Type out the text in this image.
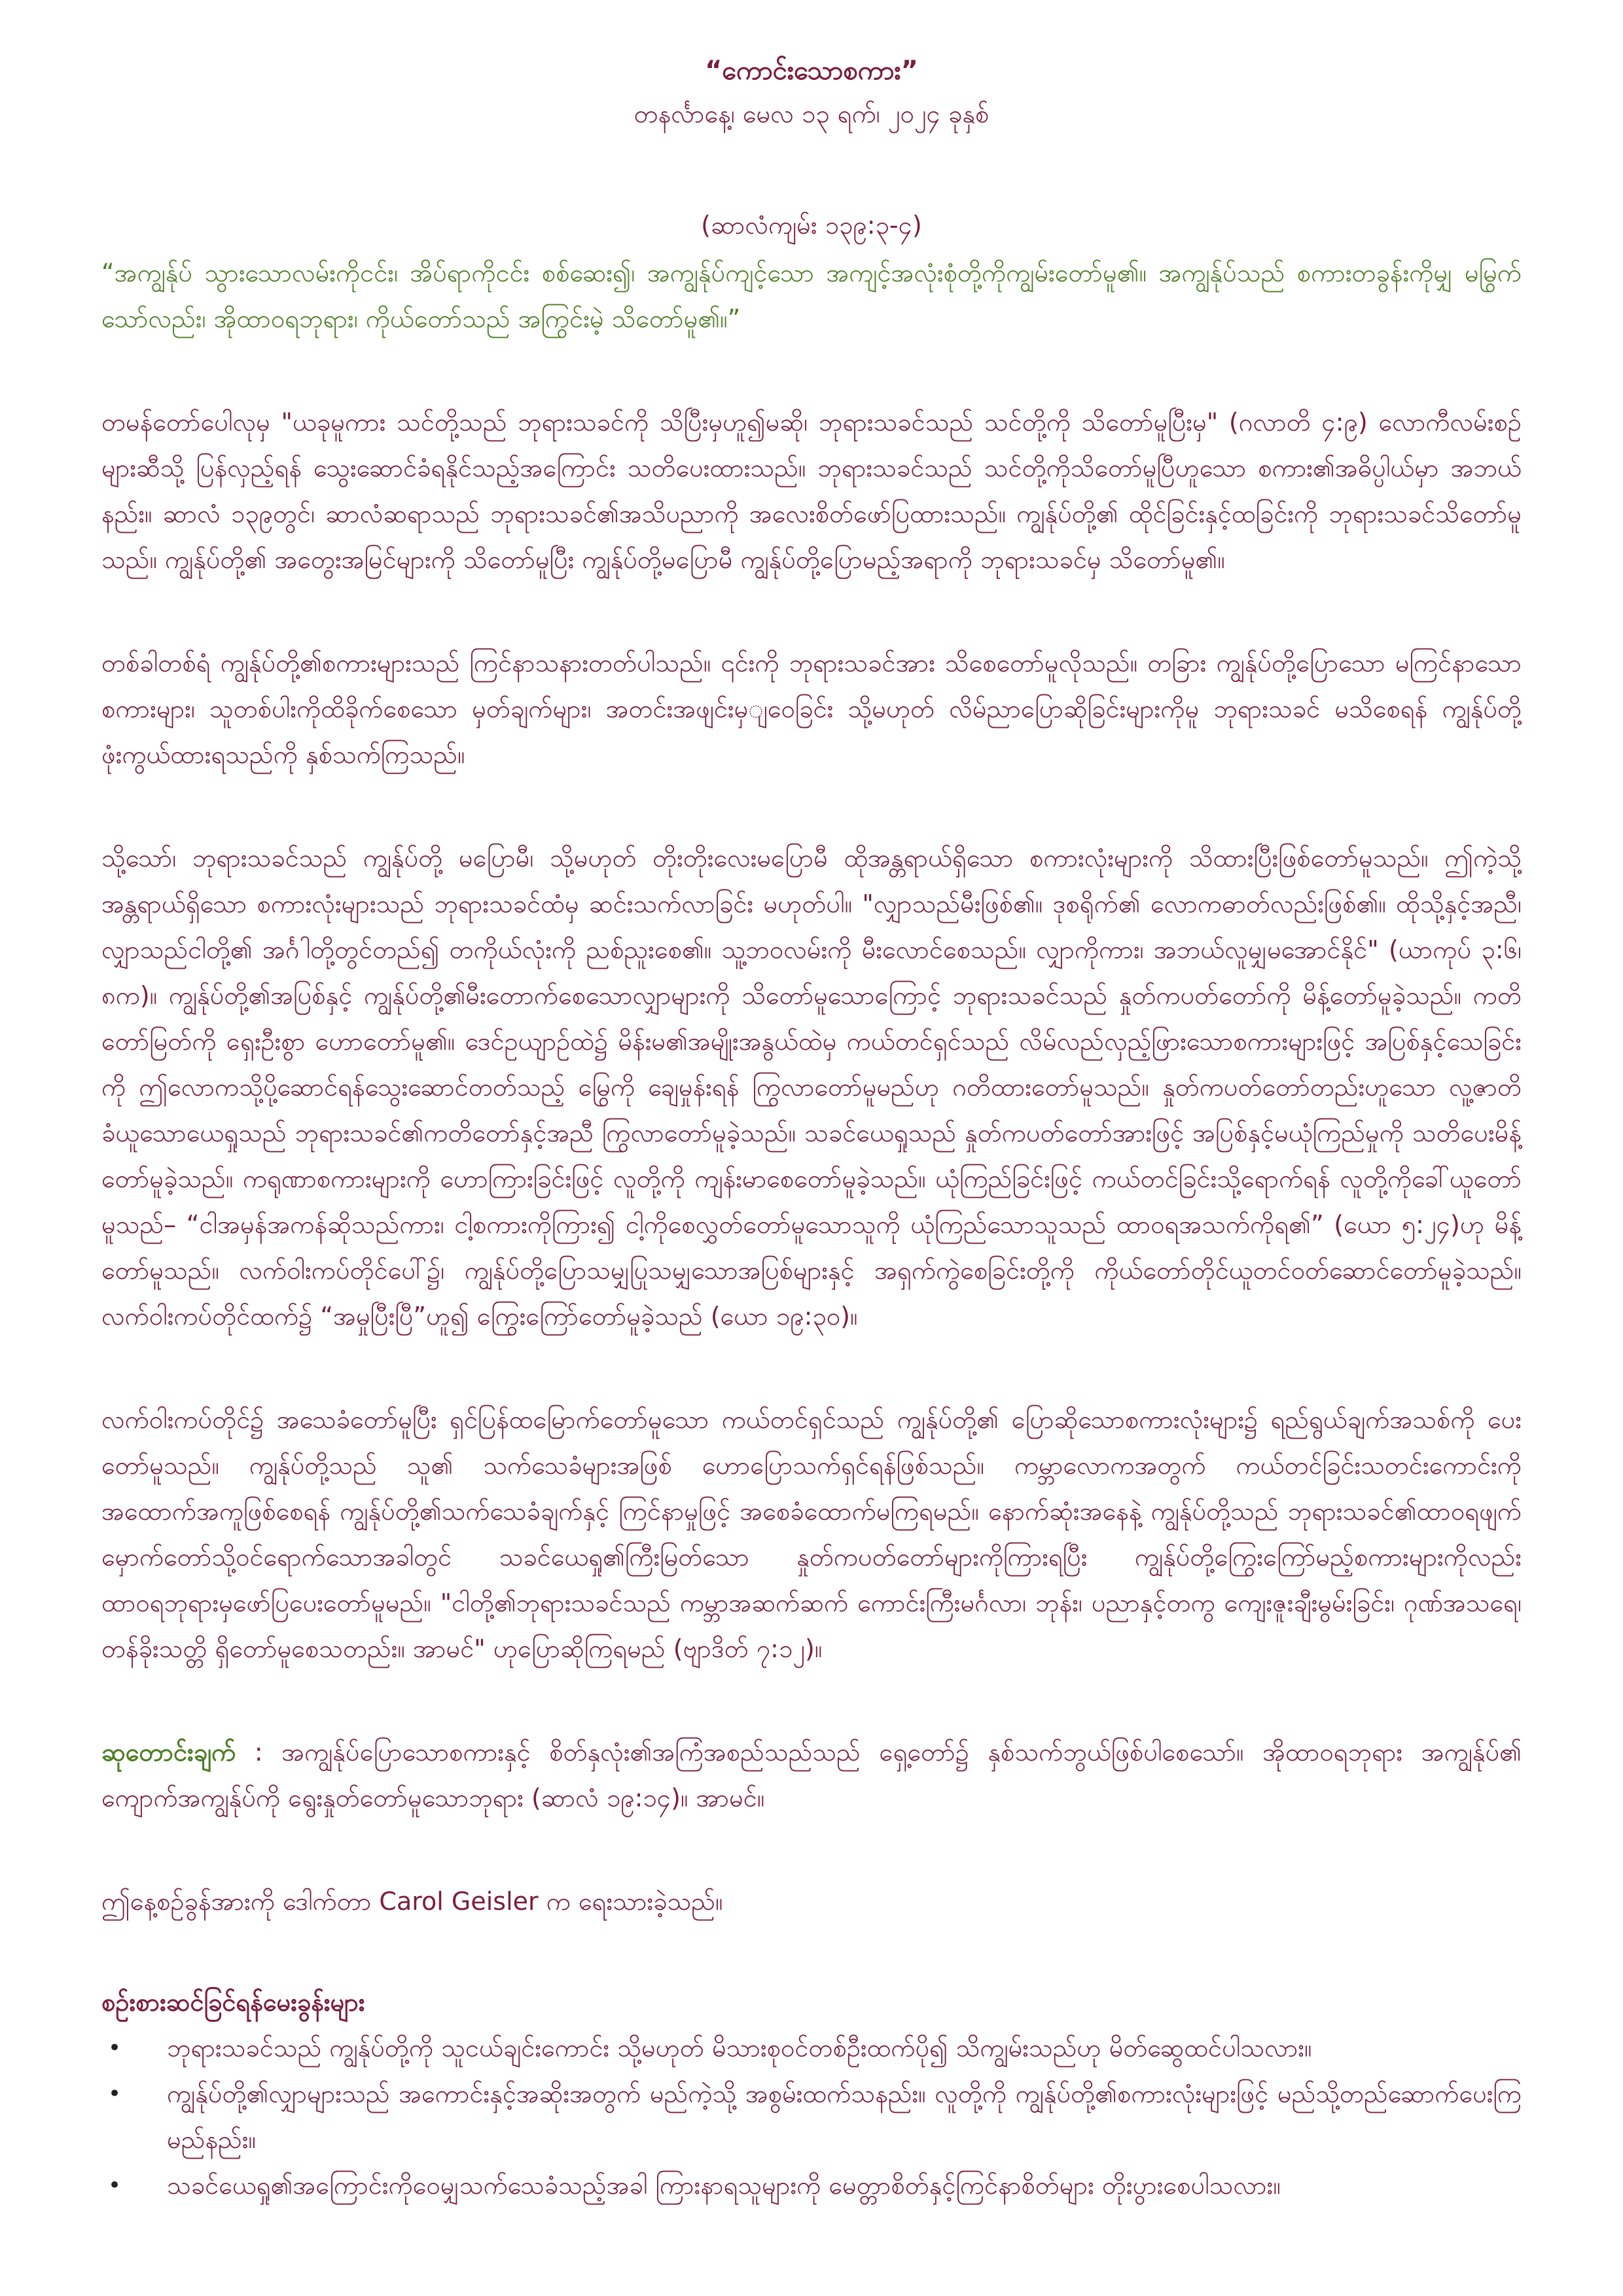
“ကောင်းသောစကား”
တနင်္လာနေ့၊ မေလ ၁၃ ရက်၊ ၂၀၂၄ ခုနှစ်
(ဆာလံကျမ်း ၁၃၉:၃-၄)
“အကျွန်ုပ် သွားသောလမ်းကိုငင်း၊ အိပ်ရာကိုငင်း စစ်ဆေး၍၊ အကျွန်ုပ်ကျင့်သော အကျင့်အလုံးစုံတို့ကိုကျွမ်းတော်မူ၏။ အကျွန်ုပ်သည် စကားတခွန်းကိုမျှ မမြွက်သော်လည်း၊ အိုထာဝရဘုရား၊ ကိုယ်တော်သည် အကြွင်းမဲ့ သိတော်မူ၏။”

တမန်တော်ပေါလုမှ "ယခုမူကား သင်တို့သည် ဘုရားသခင်ကို သိပြီးမှဟူ၍မဆို၊ ဘုရားသခင်သည် သင်တို့ကို သိတော်မူပြီးမှ" (ဂလာတိ ၄:၉) လောကီလမ်းစဉ်များဆီသို့ ပြန်လှည့်ရန် သွေးဆောင်ခံရနိုင်သည့်အကြောင်း သတိပေးထားသည်။ ဘုရားသခင်သည် သင်တို့ကိုသိတော်မူပြီဟူသော စကား၏အဓိပ္ပါယ်မှာ အဘယ်နည်း။ ဆာလံ ၁၃၉တွင်၊ ဆာလံဆရာသည် ဘုရားသခင်၏အသိပညာကို အလေးစိတ်ဖော်ပြထားသည်။ ကျွန်ုပ်တို့၏ ထိုင်ခြင်းနှင့်ထခြင်းကို ဘုရားသခင်သိတော်မူသည်။ ကျွန်ုပ်တို့၏ အတွေးအမြင်များကို သိတော်မူပြီး ကျွန်ုပ်တို့မပြောမီ ကျွန်ုပ်တို့ပြောမည့်အရာကို ဘုရားသခင်မှ သိတော်မူ၏။

တစ်ခါတစ်ရံ ကျွန်ုပ်တို့၏စကားများသည် ကြင်နာသနားတတ်ပါသည်။ ၎င်းကို ဘုရားသခင်အား သိစေတော်မူလိုသည်။ တခြား ကျွန်ုပ်တို့ပြောသော မကြင်နာသောစကားများ၊ သူတစ်ပါးကိုထိခိုက်စေသော မှတ်ချက်များ၊ အတင်းအဖျင်းမှျဝေခြင်း သို့မဟုတ် လိမ်ညာပြောဆိုခြင်းများကိုမူ ဘုရားသခင် မသိစေရန် ကျွန်ုပ်တို့ ဖုံးကွယ်ထားရသည်ကို နှစ်သက်ကြသည်။

သို့သော်၊ ဘုရားသခင်သည် ကျွန်ုပ်တို့ မပြောမီ၊ သို့မဟုတ် တိုးတိုးလေးမပြောမီ ထိုအန္တရာယ်ရှိသော စကားလုံးများကို သိထားပြီးဖြစ်တော်မူသည်။ ဤကဲ့သို့အန္တရာယ်ရှိသော စကားလုံးများသည် ဘုရားသခင်ထံမှ ဆင်းသက်လာခြင်း မဟုတ်ပါ။ "လျှာသည်မီးဖြစ်၏။ ဒုစရိုက်၏ လောကဓာတ်လည်းဖြစ်၏။ ထိုသို့နှင့်အညီ၊ လျှာသည်ငါတို့၏ အင်္ဂါတို့တွင်တည်၍ တကိုယ်လုံးကို ညစ်ညူးစေ၏။ သူ့ဘဝလမ်းကို မီးလောင်စေသည်။ လျှာကိုကား၊ အဘယ်လူမျှမအောင်နိုင်" (ယာကုပ် ၃:၆၊ ၈က)။ ကျွန်ုပ်တို့၏အပြစ်နှင့် ကျွန်ုပ်တို့၏မီးတောက်စေသောလျှာများကို သိတော်မူသောကြောင့် ဘုရားသခင်သည် နှုတ်ကပတ်တော်ကို မိန့်တော်မူခဲ့သည်။ ကတိတော်မြတ်ကို ရှေးဦးစွာ ဟောတော်မူ၏။ ဒေင်ဥယျာဉ်ထဲ၌ မိန်းမ၏အမျိုးအနွယ်ထဲမှ ကယ်တင်ရှင်သည် လိမ်လည်လှည့်ဖြားသောစကားများဖြင့် အပြစ်နှင့်သေခြင်းကို ဤလောကသို့ပို့ဆောင်ရန်သွေးဆောင်တတ်သည့် မြွေကို ချေမှုန်းရန် ကြွလာတော်မူမည်ဟု ဂတိထားတော်မူသည်။ နှုတ်ကပတ်တော်တည်းဟူသော လူ့ဇာတိခံယူသောယေရှုသည် ဘုရားသခင်၏ကတိတော်နှင့်အညီ ကြွလာတော်မူခဲ့သည်။ သခင်ယေရှုသည် နှုတ်ကပတ်တော်အားဖြင့် အပြစ်နှင့်မယုံကြည်မှုကို သတိပေးမိန့်တော်မူခဲ့သည်။ ကရုဏာစကားများကို ဟောကြားခြင်းဖြင့် လူတို့ကို ကျန်းမာစေတော်မူခဲ့သည်။ ယုံကြည်ခြင်းဖြင့် ကယ်တင်ခြင်းသို့ရောက်ရန် လူတို့ကိုခေါ်ယူတော်မူသည်– “ငါအမှန်အကန်ဆိုသည်ကား၊ ငါ့စကားကိုကြား၍ ငါ့ကိုစေလွှတ်တော်မူသောသူကို ယုံကြည်သောသူသည် ထာဝရအသက်ကိုရ၏” (ယော ၅:၂၄)ဟု မိန့်တော်မူသည်။ လက်ဝါးကပ်တိုင်ပေါ်၌၊ ကျွန်ုပ်တို့ပြောသမျှပြုသမျှသောအပြစ်များနှင့် အရှက်ကွဲစေခြင်းတို့ကို ကိုယ်တော်တိုင်ယူတင်ဝတ်ဆောင်တော်မူခဲ့သည်။ လက်ဝါးကပ်တိုင်ထက်၌ “အမှုပြီးပြီ”ဟူ၍ ကြွေးကြော်တော်မူခဲ့သည် (ယော ၁၉:၃၀)။

လက်ဝါးကပ်တိုင်၌ အသေခံတော်မူပြီး ရှင်ပြန်ထမြောက်တော်မူသော ကယ်တင်ရှင်သည် ကျွန်ုပ်တို့၏ ပြောဆိုသောစကားလုံးများ၌ ရည်ရွယ်ချက်အသစ်ကို ပေးတော်မူသည်။ ကျွန်ုပ်တို့သည် သူ၏ သက်သေခံများအဖြစ် ဟောပြောသက်ရှင်ရန်ဖြစ်သည်။ ကမ္ဘာလောကအတွက် ကယ်တင်ခြင်းသတင်းကောင်းကို အထောက်အကူဖြစ်စေရန် ကျွန်ုပ်တို့၏သက်သေခံချက်နှင့် ကြင်နာမှုဖြင့် အစေခံထောက်မကြရမည်။ နောက်ဆုံးအနေနဲ့ ကျွန်ုပ်တို့သည် ဘုရားသခင်၏ထာဝရဖျက်မှောက်တော်သို့ဝင်ရောက်သောအခါတွင် သခင်ယေရှု၏ကြီးမြတ်သော နှုတ်ကပတ်တော်များကိုကြားရပြီး ကျွန်ုပ်တို့ကြွေးကြော်မည့်စကားများကိုလည်း ထာဝရဘုရားမှဖော်ပြပေးတော်မူမည်။ "ငါတို့၏ဘုရားသခင်သည် ကမ္ဘာအဆက်ဆက် ကောင်းကြီးမင်္ဂလာ၊ ဘုန်း၊ ပညာနှင့်တကွ ကျေးဇူးချီးမွမ်းခြင်း၊ ဂုဏ်အသရေ၊ တန်ခိုးသတ္တိ ရှိတော်မူစေသတည်း။ အာမင်" ဟုပြောဆိုကြရမည် (ဗျာဒိတ် ၇:၁၂)။

ဆုတောင်းချက် : အကျွန်ုပ်ပြောသောစကားနှင့် စိတ်နှလုံး၏အကြံအစည်သည်သည် ရှေ့တော်၌ နှစ်သက်ဘွယ်ဖြစ်ပါစေသော်။ အိုထာဝရဘုရား အကျွန်ုပ်၏ ကျောက်အကျွန်ုပ်ကို ရွေးနှုတ်တော်မူသောဘုရား (ဆာလံ ၁၉:၁၄)။ အာမင်။

ဤနေ့စဉ်ခွန်အားကို ဒေါက်တာ Carol Geisler က ရေးသားခဲ့သည်။
စဉ်းစားဆင်ခြင်ရန်မေးခွန်းများ
• ဘုရားသခင်သည် ကျွန်ုပ်တို့ကို သူငယ်ချင်းကောင်း သို့မဟုတ် မိသားစုဝင်တစ်ဦးထက်ပို၍ သိကျွမ်းသည်ဟု မိတ်ဆွေထင်ပါသလား။
• ကျွန်ုပ်တို့၏လျှာများသည် အကောင်းနှင့်အဆိုးအတွက် မည်ကဲ့သို့ အစွမ်းထက်သနည်း။ လူတို့ကို ကျွန်ုပ်တို့၏စကားလုံးများဖြင့် မည်သို့တည်ဆောက်ပေးကြမည်နည်း။
• သခင်ယေရှု၏အကြောင်းကိုဝေမျှသက်သေခံသည့်အခါ ကြားနာရသူများကို မေတ္တာစိတ်နှင့်ကြင်နာစိတ်များ တိုးပွားစေပါသလား။
